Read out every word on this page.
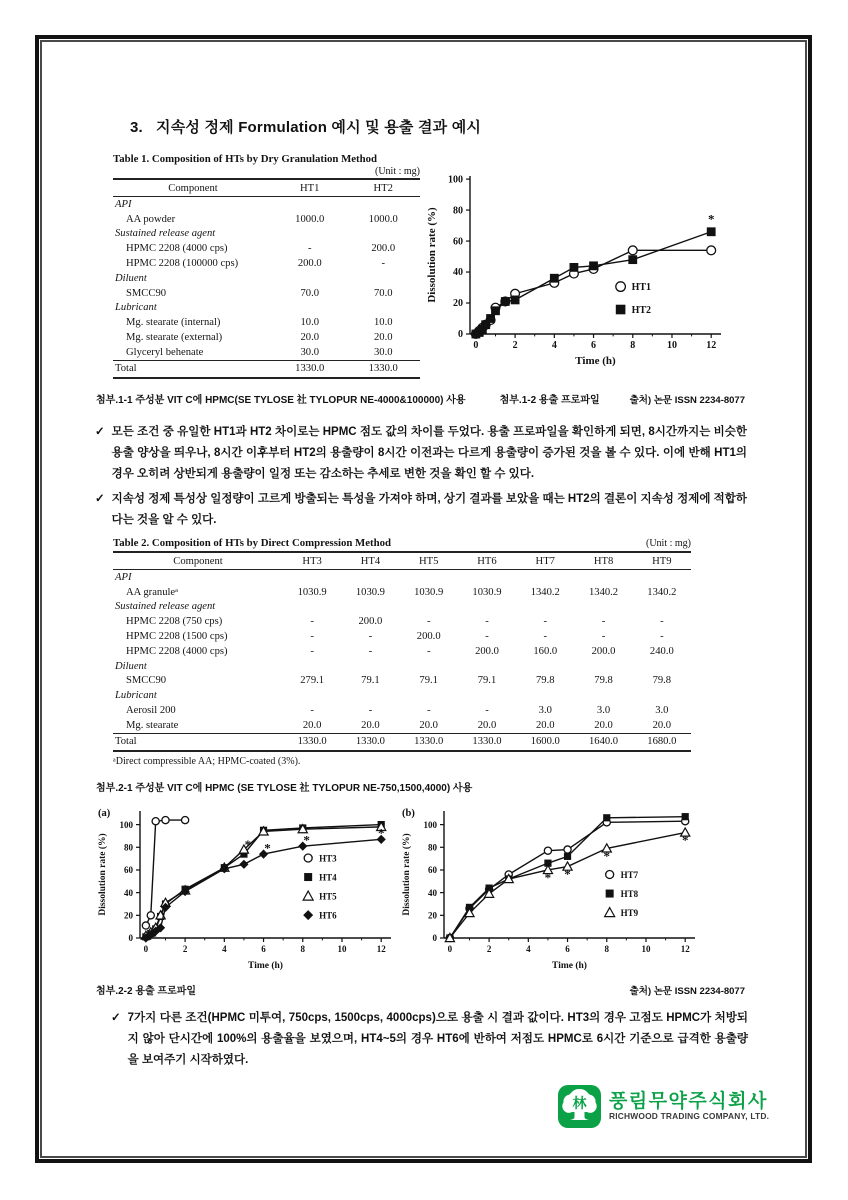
3.   지속성 정제 Formulation 예시 및 용출 결과 예시
Table 1. Composition of HTs by Dry Granulation Method
(Unit : mg)
Component	HT1	HT2
API		
AA powder	1000.0	1000.0
Sustained release agent		
HPMC 2208 (4000 cps)	-	200.0
HPMC 2208 (100000 cps)	200.0	-
Diluent		
SMCC90	70.0	70.0
Lubricant		
Mg. stearate (internal)	10.0	10.0
Mg. stearate (external)	20.0	20.0
Glyceryl behenate	30.0	30.0
Total	1330.0	1330.0
0
20
40
60
80
100
0	2	4	6	8	10	12
Time (h)
Dissolution rate (%)	*
HT1
HT2
첨부.1-1 주성분 VIT C에 HPMC(SE TYLOSE 社 TYLOPUR NE-4000&100000) 사용	첨부.1-2 용출 프로파일	출처) 논문 ISSN 2234-8077
✓ 모든 조건 중 유일한 HT1과 HT2 차이로는 HPMC 점도 값의 차이를 두었다. 용출 프로파일을 확인하게 되면, 8시간까지는 비슷한 용출 양상을 띄우나, 8시간 이후부터 HT2의 용출량이 8시간 이전과는 다르게 용출량이 증가된 것을 볼 수 있다. 이에 반해 HT1의 경우 오히려 상반되게 용출량이 일정 또는 감소하는 추세로 변한 것을 확인 할 수 있다.
✓ 지속성 정제 특성상 일정량이 고르게 방출되는 특성을 가져야 하며, 상기 결과를 보았을 때는 HT2의 결론이 지속성 정제에 적합하다는 것을 알 수 있다.
Table 2. Composition of HTs by Direct Compression Method	(Unit : mg)
Component	HT3	HT4	HT5	HT6	HT7	HT8	HT9
API							
AA granuleᵃ	1030.9	1030.9	1030.9	1030.9	1340.2	1340.2	1340.2
Sustained release agent							
HPMC 2208 (750 cps)	-	200.0	-	-	-	-	-
HPMC 2208 (1500 cps)	-	-	200.0	-	-	-	-
HPMC 2208 (4000 cps)	-	-	-	200.0	160.0	200.0	240.0
Diluent							
SMCC90	279.1	79.1	79.1	79.1	79.8	79.8	79.8
Lubricant							
Aerosil 200	-	-	-	-	3.0	3.0	3.0
Mg. stearate	20.0	20.0	20.0	20.0	20.0	20.0	20.0
Total	1330.0	1330.0	1330.0	1330.0	1600.0	1640.0	1680.0
ᵃDirect compressible AA; HPMC-coated (3%).
첨부.2-1 주성분 VIT C에 HPMC (SE TYLOSE 社 TYLOPUR NE-750,1500,4000) 사용
0
20
40
60
80
100
0	2	4	6	8	10	12
Time (h)
Dissolution rate (%)
(a)
* *
*	*
HT3
HT4
HT5
HT6
0
20
40
60
80
100
0	2	4	6	8	10	12
Time (h)
Dissolution rate (%)
(b)
* *
*
*
HT7
HT8
HT9
첨부.2-2 용출 프로파일	출처) 논문 ISSN 2234-8077
✓ 7가지 다른 조건(HPMC 미투여, 750cps, 1500cps, 4000cps)으로 용출 시 결과 값이다. HT3의 경우 고점도 HPMC가 처방되지 않아 단시간에 100%의 용출율을 보였으며, HT4~5의 경우 HT6에 반하여 저점도 HPMC로 6시간 기준으로 급격한 용출량을 보여주기 시작하였다.
林 풍림무약주식회사
RICHWOOD TRADING COMPANY, LTD.
